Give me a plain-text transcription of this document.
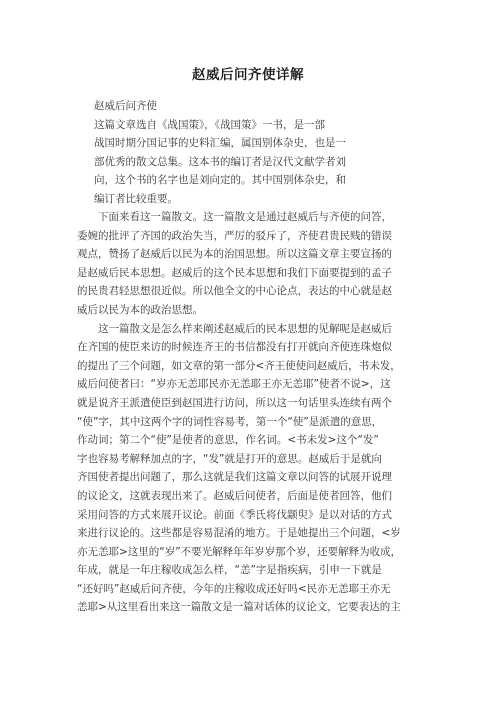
赵威后问齐使详解

赵威后问齐使

这篇文章选自《战国策》，《战国策》一书，是一部

战国时期分国记事的史料汇编，属国别体杂史，也是一

部优秀的散文总集。这本书的编订者是汉代文献学者刘

向，这个书的名字也是刘向定的。其中国别体杂史，和

编订者比较重要。

下面来看这一篇散文。这一篇散文是通过赵威后与齐使的问答，

委婉的批评了齐国的政治失当，严厉的驳斥了，齐使君贵民贱的错误

观点，赞扬了赵威后以民为本的治国思想。所以这篇文章主要宣扬的

是赵威后民本思想。赵威后的这个民本思想和我们下面要提到的孟子

的民贵君轻思想很近似。所以他全文的中心论点，表达的中心就是赵

威后以民为本的政治思想。

这一篇散文是怎么样来阐述赵威后的民本思想的见解呢是赵威后

在齐国的使臣来访的时候连齐王的书信都没有打开就向齐使连珠炮似

的提出了三个问题，如文章的第一部分<齐王使使问赵威后，书未发，

威后问使者曰：“岁亦无恙耶民亦无恙耶王亦无恙耶”使者不说>，这

就是说齐王派遣使臣到赵国进行访问，所以这一句话里头连续有两个

“使”字，其中这两个字的词性容易考，第一个“使”是派遣的意思，

作动词；第二个“使”是使者的意思，作名词。<书未发>这个“发”

字也容易考解释加点的字，“发”就是打开的意思。赵威后于是就向

齐国使者提出问题了，那么这就是我们这篇文章以问答的试展开说理

的议论文，这就表现出来了。赵威后问使者，后面是使者回答，他们

采用问答的方式来展开议论。前面《季氏将伐颛臾》是以对话的方式

来进行议论的。这些都是容易混淆的地方。于是她提出三个问题，<岁

亦无恙耶>这里的“岁”不要光解释年年岁岁那个岁，还要解释为收成，

年成，就是一年庄稼收成怎么样，“恙”字是指疾病，引申一下就是

“还好吗”赵威后问齐使，今年的庄稼收成还好吗<民亦无恙耶王亦无

恙耶>从这里看出来这一篇散文是一篇对话体的议论文，它要表达的主
